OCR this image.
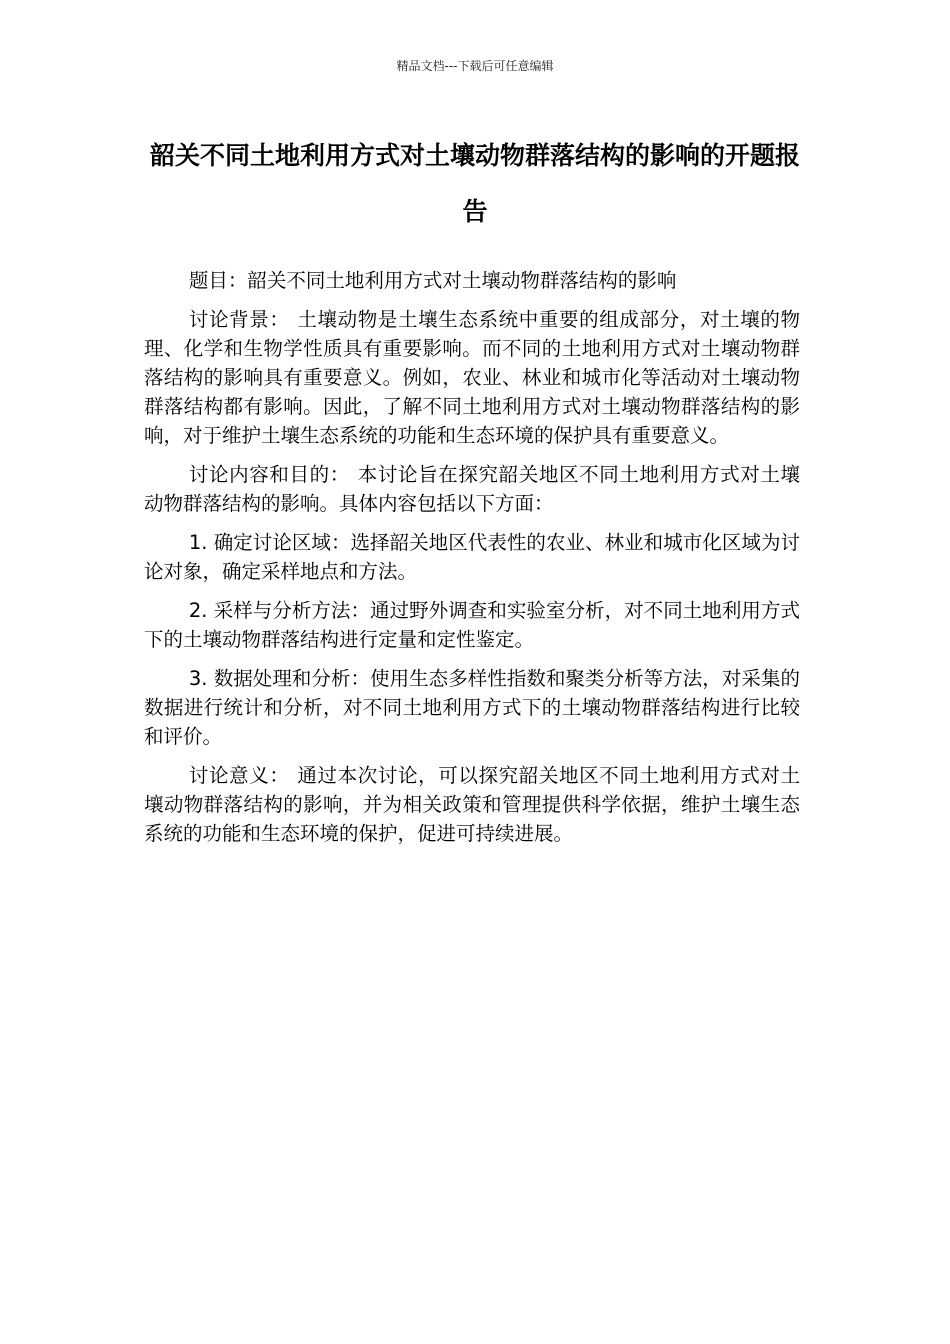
精品文档---下载后可任意编辑
韶关不同土地利用方式对土壤动物群落结构的影响的开题报告

题目：韶关不同土地利用方式对土壤动物群落结构的影响

讨论背景： 土壤动物是土壤生态系统中重要的组成部分，对土壤的物理、化学和生物学性质具有重要影响。而不同的土地利用方式对土壤动物群落结构的影响具有重要意义。例如，农业、林业和城市化等活动对土壤动物群落结构都有影响。因此，了解不同土地利用方式对土壤动物群落结构的影响，对于维护土壤生态系统的功能和生态环境的保护具有重要意义。

讨论内容和目的： 本讨论旨在探究韶关地区不同土地利用方式对土壤动物群落结构的影响。具体内容包括以下方面：

1. 确定讨论区域：选择韶关地区代表性的农业、林业和城市化区域为讨论对象，确定采样地点和方法。

2. 采样与分析方法：通过野外调查和实验室分析，对不同土地利用方式下的土壤动物群落结构进行定量和定性鉴定。

3. 数据处理和分析：使用生态多样性指数和聚类分析等方法，对采集的数据进行统计和分析，对不同土地利用方式下的土壤动物群落结构进行比较和评价。

讨论意义： 通过本次讨论，可以探究韶关地区不同土地利用方式对土壤动物群落结构的影响，并为相关政策和管理提供科学依据，维护土壤生态系统的功能和生态环境的保护，促进可持续进展。
